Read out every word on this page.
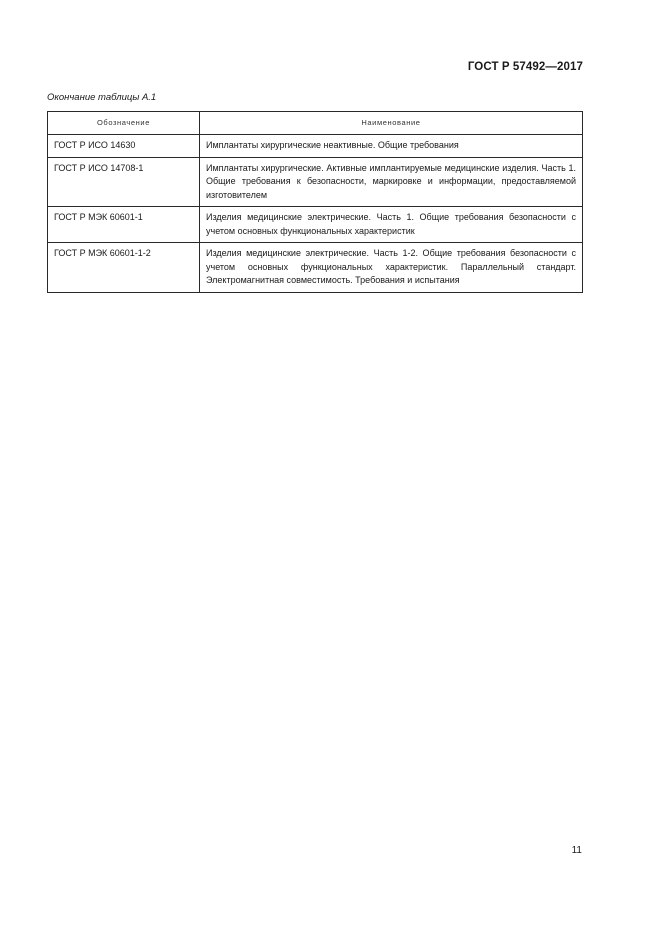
ГОСТ Р 57492—2017
Окончание таблицы А.1
Обозначение	Наименование
ГОСТ Р ИСО 14630	Имплантаты хирургические неактивные. Общие требования
ГОСТ Р ИСО 14708-1	Имплантаты хирургические. Активные имплантируемые медицинские изделия. Часть 1. Общие требования к безопасности, маркировке и информации, предоставляемой изготовителем
ГОСТ Р МЭК 60601-1	Изделия медицинские электрические. Часть 1. Общие требования безопасности с учетом основных функциональных характеристик
ГОСТ Р МЭК 60601-1-2	Изделия медицинские электрические. Часть 1-2. Общие требования безопасности с учетом основных функциональных характеристик. Параллельный стандарт. Электромагнитная совместимость. Требования и испытания
11
